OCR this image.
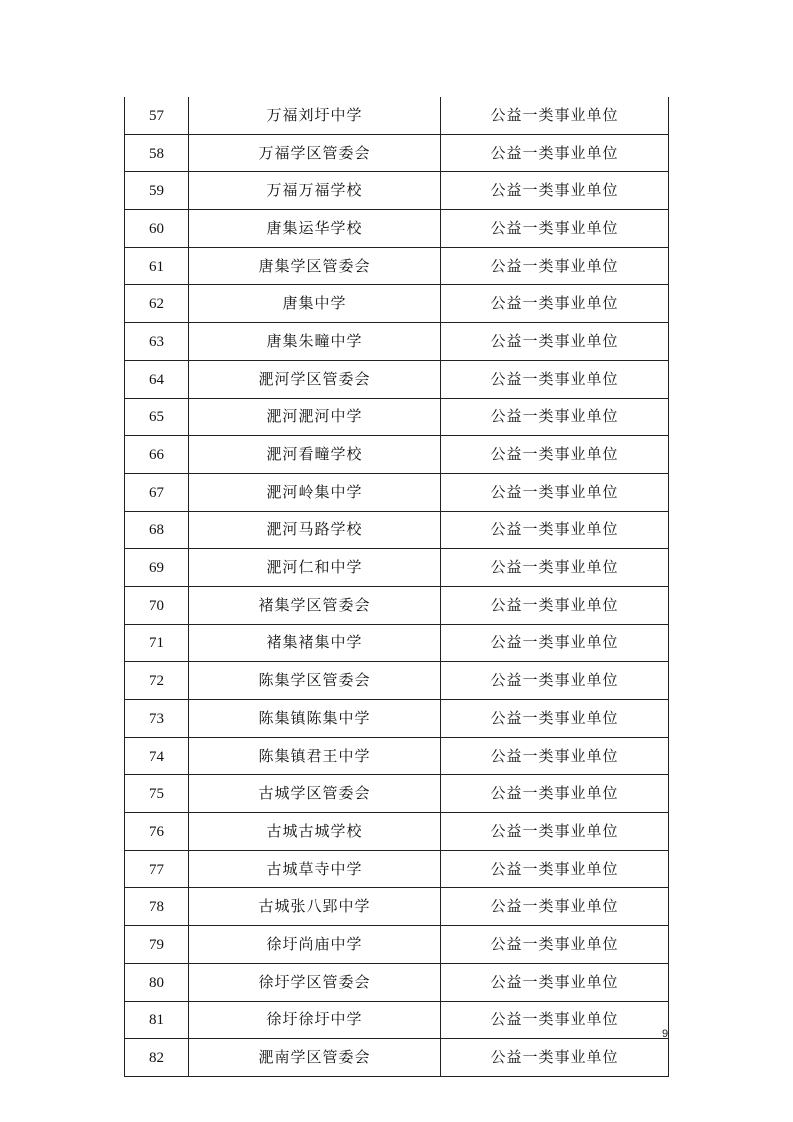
57	万福刘圩中学	公益一类事业单位
58	万福学区管委会	公益一类事业单位
59	万福万福学校	公益一类事业单位
60	唐集运华学校	公益一类事业单位
61	唐集学区管委会	公益一类事业单位
62	唐集中学	公益一类事业单位
63	唐集朱疃中学	公益一类事业单位
64	淝河学区管委会	公益一类事业单位
65	淝河淝河中学	公益一类事业单位
66	淝河看疃学校	公益一类事业单位
67	淝河岭集中学	公益一类事业单位
68	淝河马路学校	公益一类事业单位
69	淝河仁和中学	公益一类事业单位
70	褚集学区管委会	公益一类事业单位
71	褚集褚集中学	公益一类事业单位
72	陈集学区管委会	公益一类事业单位
73	陈集镇陈集中学	公益一类事业单位
74	陈集镇君王中学	公益一类事业单位
75	古城学区管委会	公益一类事业单位
76	古城古城学校	公益一类事业单位
77	古城草寺中学	公益一类事业单位
78	古城张八郢中学	公益一类事业单位
79	徐圩尚庙中学	公益一类事业单位
80	徐圩学区管委会	公益一类事业单位
81	徐圩徐圩中学	公益一类事业单位
82	淝南学区管委会	公益一类事业单位
9
